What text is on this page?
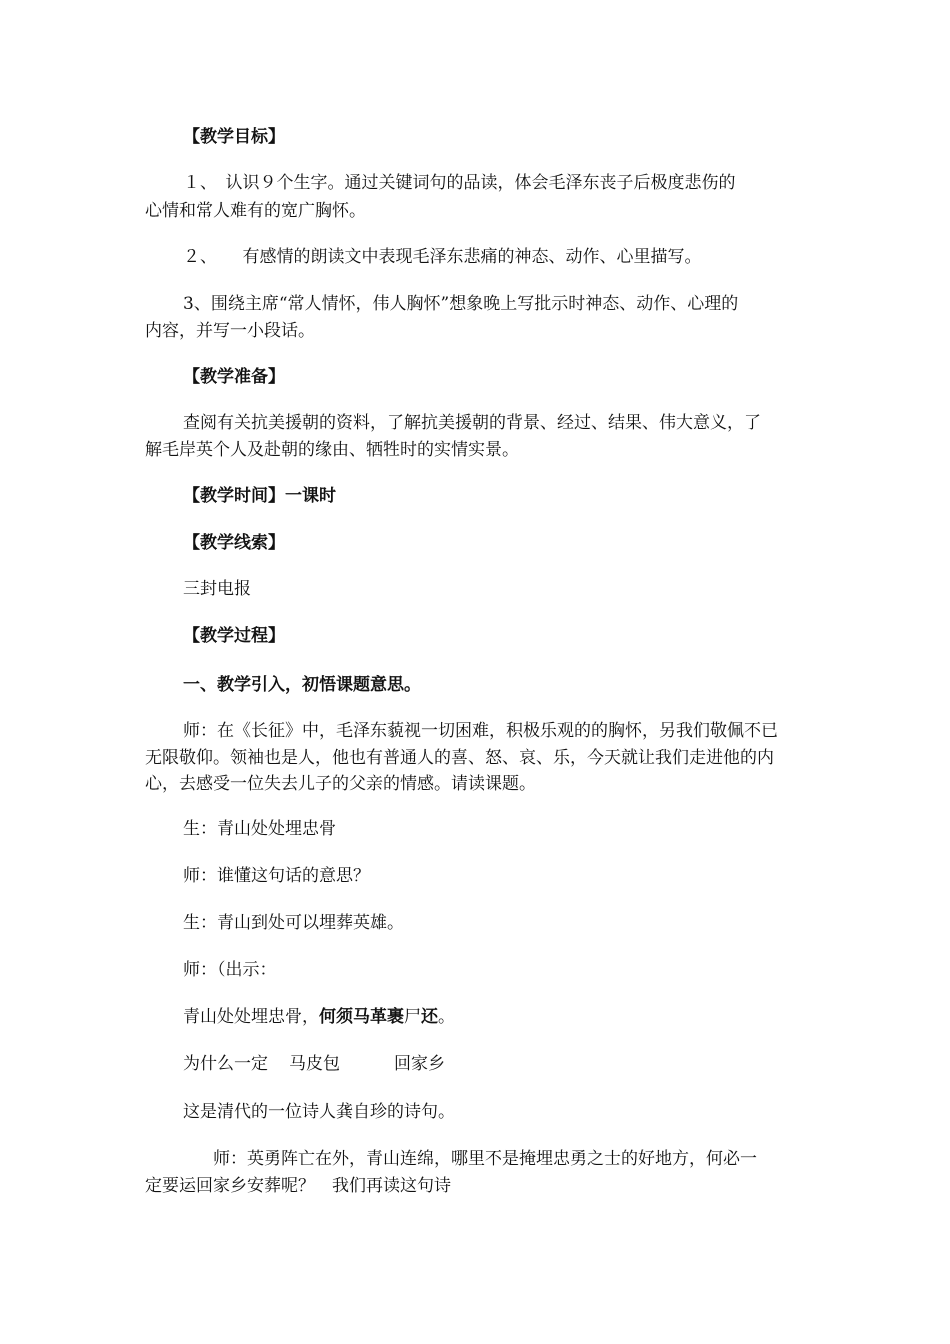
【教学目标】
１、　认识９个生字。通过关键词句的品读，体会毛泽东丧子后极度悲伤的
心情和常人难有的宽广胸怀。
２、　　有感情的朗读文中表现毛泽东悲痛的神态、动作、心里描写。
3、围绕主席“常人情怀，伟人胸怀”想象晚上写批示时神态、动作、心理的
内容，并写一小段话。
【教学准备】
查阅有关抗美援朝的资料，了解抗美援朝的背景、经过、结果、伟大意义，了
解毛岸英个人及赴朝的缘由、牺牲时的实情实景。
【教学时间】一课时
【教学线索】
三封电报
【教学过程】
一、教学引入，初悟课题意思。
师：在《长征》中，毛泽东藐视一切困难，积极乐观的的胸怀，另我们敬佩不已
无限敬仰。领袖也是人，他也有普通人的喜、怒、哀、乐，今天就让我们走进他的内
心，去感受一位失去儿子的父亲的情感。请读课题。
生：青山处处埋忠骨
师：谁懂这句话的意思？
生：青山到处可以埋葬英雄。
师：（出示：
青山处处埋忠骨，何须马革裹尸还。
为什么一定 马皮包	回家乡
这是清代的一位诗人龚自珍的诗句。
师：英勇阵亡在外，青山连绵，哪里不是掩埋忠勇之士的好地方，何必一
定要运回家乡安葬呢？　我们再读这句诗
